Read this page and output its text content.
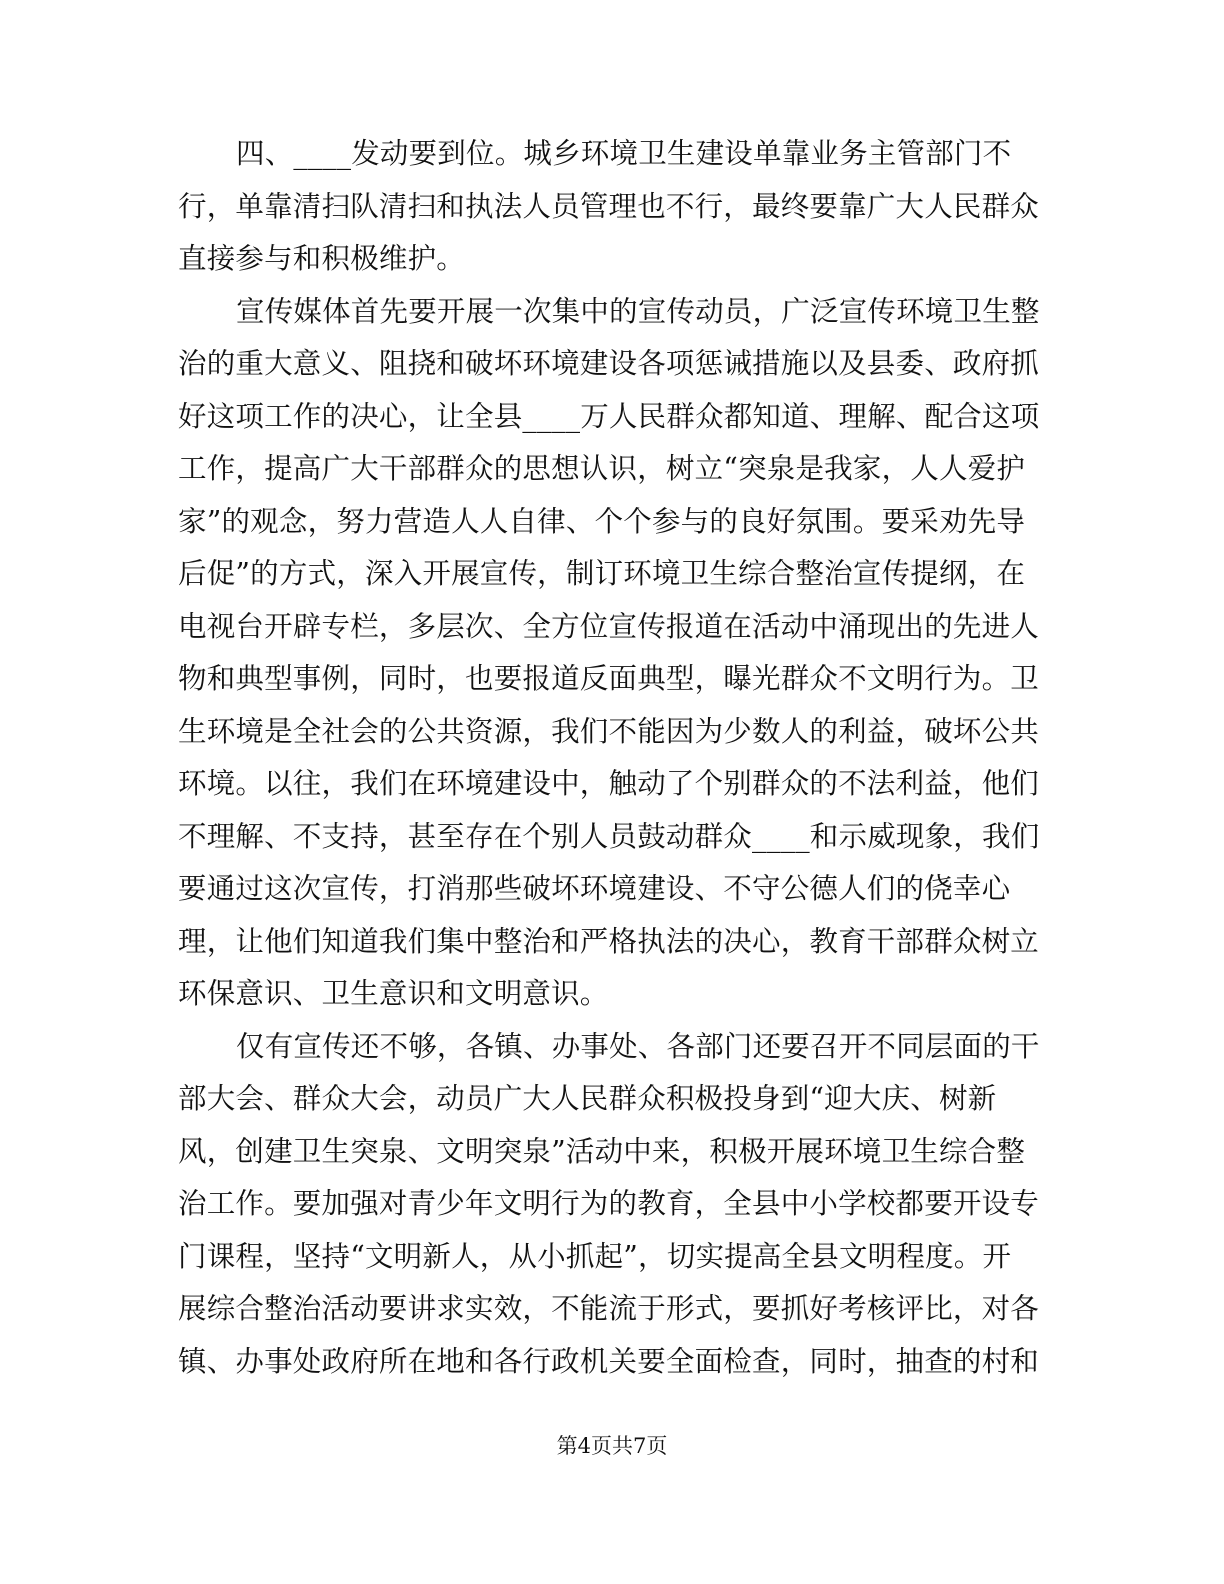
四、____发动要到位。城乡环境卫生建设单靠业务主管部门不
行，单靠清扫队清扫和执法人员管理也不行，最终要靠广大人民群众
直接参与和积极维护。
宣传媒体首先要开展一次集中的宣传动员，广泛宣传环境卫生整
治的重大意义、阻挠和破坏环境建设各项惩诫措施以及县委、政府抓
好这项工作的决心，让全县____万人民群众都知道、理解、配合这项
工作，提高广大干部群众的思想认识，树立“突泉是我家，人人爱护
家”的观念，努力营造人人自律、个个参与的良好氛围。要采劝先导
后促”的方式，深入开展宣传，制订环境卫生综合整治宣传提纲，在
电视台开辟专栏，多层次、全方位宣传报道在活动中涌现出的先进人
物和典型事例，同时，也要报道反面典型，曝光群众不文明行为。卫
生环境是全社会的公共资源，我们不能因为少数人的利益，破坏公共
环境。以往，我们在环境建设中，触动了个别群众的不法利益，他们
不理解、不支持，甚至存在个别人员鼓动群众____和示威现象，我们
要通过这次宣传，打消那些破坏环境建设、不守公德人们的侥幸心
理，让他们知道我们集中整治和严格执法的决心，教育干部群众树立
环保意识、卫生意识和文明意识。
仅有宣传还不够，各镇、办事处、各部门还要召开不同层面的干
部大会、群众大会，动员广大人民群众积极投身到“迎大庆、树新
风，创建卫生突泉、文明突泉”活动中来，积极开展环境卫生综合整
治工作。要加强对青少年文明行为的教育，全县中小学校都要开设专
门课程，坚持“文明新人，从小抓起”，切实提高全县文明程度。开
展综合整治活动要讲求实效，不能流于形式，要抓好考核评比，对各
镇、办事处政府所在地和各行政机关要全面检查，同时，抽查的村和
第4页共7页
